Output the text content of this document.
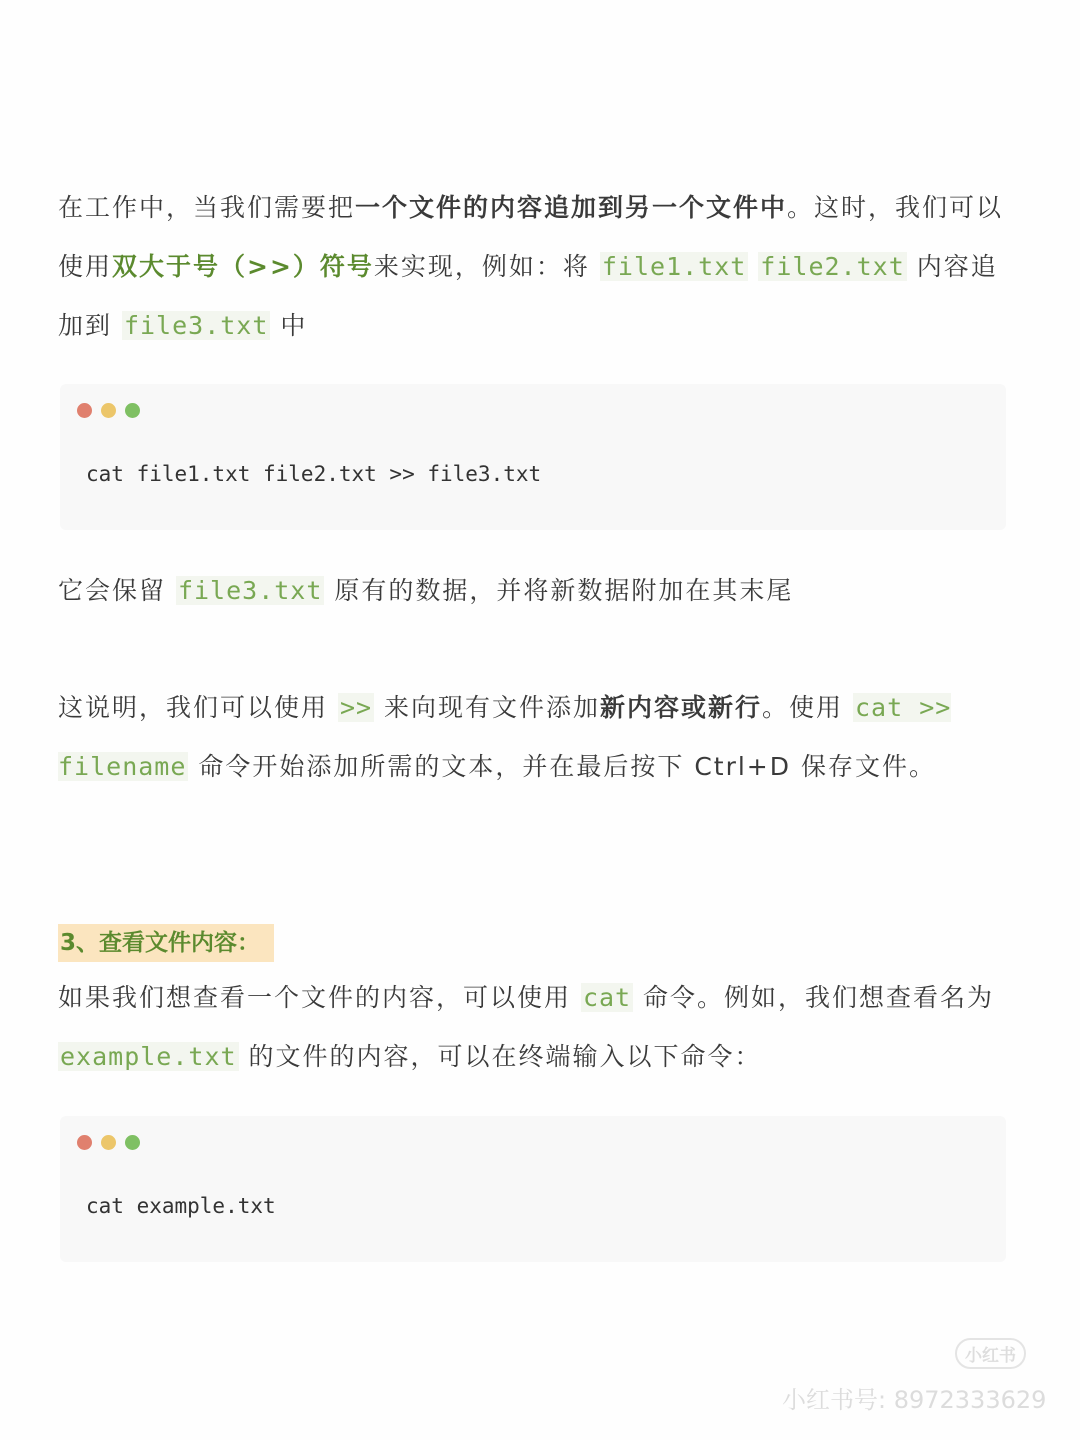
在工作中，当我们需要把一个文件的内容追加到另一个文件中。这时，我们可以使用双大于号（>>）符号来实现，例如：将 file1.txt file2.txt 内容追加到 file3.txt 中

cat file1.txt file2.txt >> file3.txt

它会保留 file3.txt 原有的数据，并将新数据附加在其末尾

这说明，我们可以使用 >> 来向现有文件添加新内容或新行。使用 cat >> filename 命令开始添加所需的文本，并在最后按下 Ctrl+D 保存文件。

3、查看文件内容：

如果我们想查看一个文件的内容，可以使用 cat 命令。例如，我们想查看名为 example.txt 的文件的内容，可以在终端输入以下命令：

cat example.txt
小红书
小红书号: 8972333629
